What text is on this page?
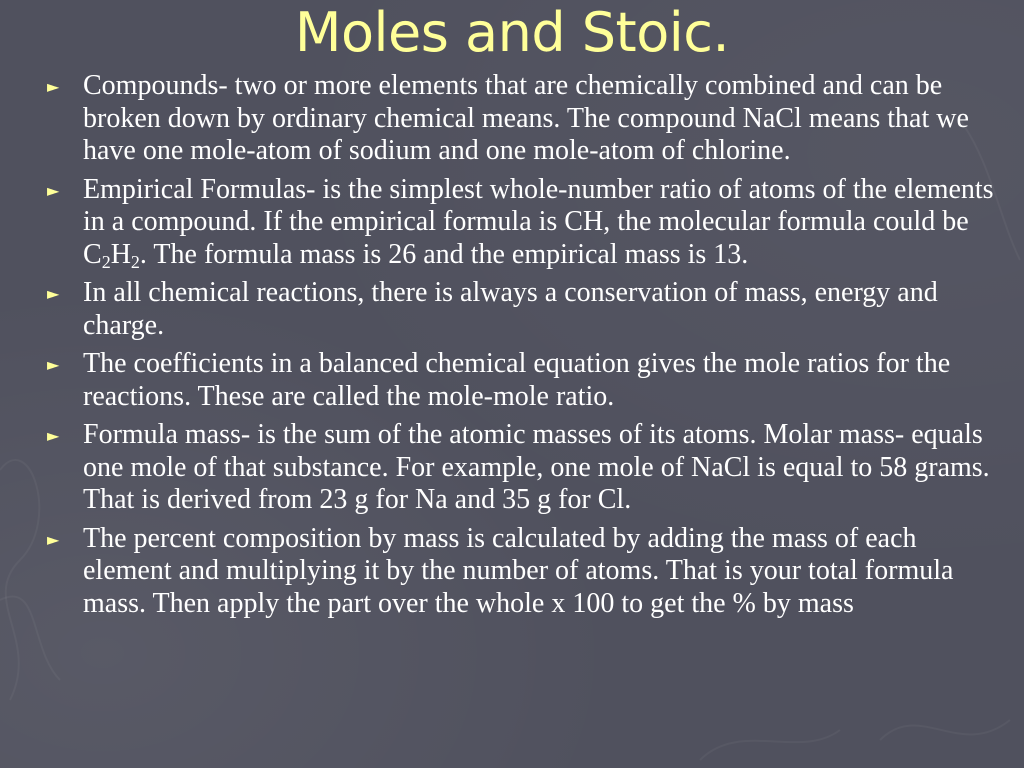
Moles and Stoic.
► Compounds- two or more elements that are chemically combined and can be broken down by ordinary chemical means. The compound NaCl means that we have one mole-atom of sodium and one mole-atom of chlorine.
► Empirical Formulas- is the simplest whole-number ratio of atoms of the elements in a compound. If the empirical formula is CH, the molecular formula could be $C_2H_2$. The formula mass is 26 and the empirical mass is 13.
► In all chemical reactions, there is always a conservation of mass, energy and charge.
► The coefficients in a balanced chemical equation gives the mole ratios for the reactions. These are called the mole-mole ratio.
► Formula mass- is the sum of the atomic masses of its atoms. Molar mass- equals one mole of that substance. For example, one mole of NaCl is equal to 58 grams. That is derived from 23 g for Na and 35 g for Cl.
► The percent composition by mass is calculated by adding the mass of each element and multiplying it by the number of atoms. That is your total formula mass. Then apply the part over the whole x 100 to get the % by mass
